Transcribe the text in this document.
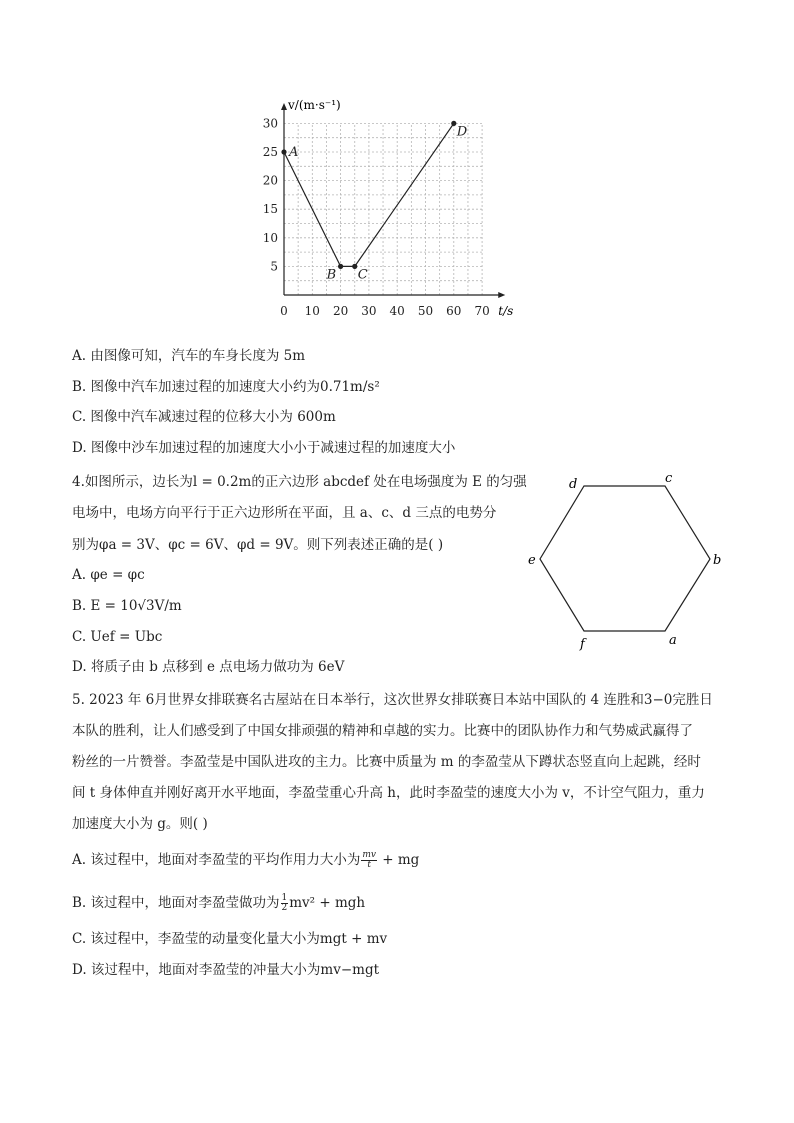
0 10 20 30 40 50 60 70
5
10
15
20
25
30
A
B C
D
v/(m·s⁻¹)
t/s
A. 由图像可知，汽车的车身长度为 5m
B. 图像中汽车加速过程的加速度大小约为0.71m/s²
C. 图像中汽车减速过程的位移大小为 600m
D. 图像中沙车加速过程的加速度大小小于减速过程的加速度大小
4.如图所示，边长为l = 0.2m的正六边形 abcdef 处在电场强度为 E 的匀强
电场中，电场方向平行于正六边形所在平面，且 a、c、d 三点的电势分
别为φa = 3V、φc = 6V、φd = 9V。则下列表述正确的是( )
A. φe = φc
B. E = 10√3V/m
C. Uef = Ubc
D. 将质子由 b 点移到 e 点电场力做功为 6eV
a
b
c
d
e
f
5. 2023 年 6月世界女排联赛名古屋站在日本举行，这次世界女排联赛日本站中国队的 4 连胜和3−0完胜日
本队的胜利，让人们感受到了中国女排顽强的精神和卓越的实力。比赛中的团队协作力和气势威武赢得了
粉丝的一片赞誉。李盈莹是中国队进攻的主力。比赛中质量为 m 的李盈莹从下蹲状态竖直向上起跳，经时
间 t 身体伸直并刚好离开水平地面，李盈莹重心升高 h，此时李盈莹的速度大小为 v，不计空气阻力，重力
加速度大小为 g。则( )
A. 该过程中，地面对李盈莹的平均作用力大小为 $\frac{mv}{t}$ + mg
B. 该过程中，地面对李盈莹做功为 $\frac{1}{2} mv^2$ + mgh
C. 该过程中，李盈莹的动量变化量大小为mgt + mv
D. 该过程中，地面对李盈莹的冲量大小为mv−mgt
